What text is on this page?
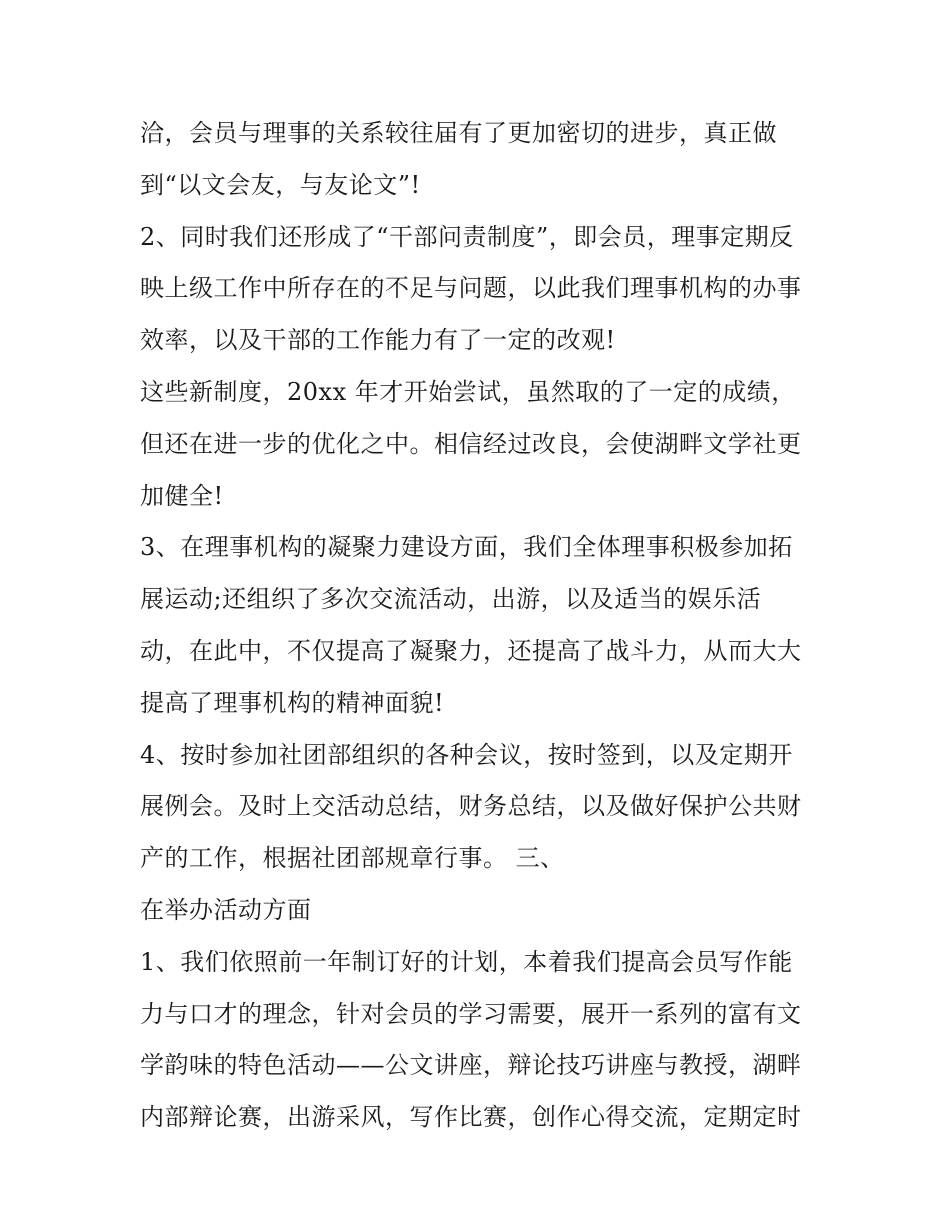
洽，会员与理事的关系较往届有了更加密切的进步，真正做
到“以文会友，与友论文”!
2、同时我们还形成了“干部问责制度”，即会员，理事定期反
映上级工作中所存在的不足与问题，以此我们理事机构的办事
效率，以及干部的工作能力有了一定的改观!
这些新制度，20xx 年才开始尝试，虽然取的了一定的成绩，
但还在进一步的优化之中。相信经过改良，会使湖畔文学社更
加健全!
3、在理事机构的凝聚力建设方面，我们全体理事积极参加拓
展运动;还组织了多次交流活动，出游，以及适当的娱乐活
动，在此中，不仅提高了凝聚力，还提高了战斗力，从而大大
提高了理事机构的精神面貌!
4、按时参加社团部组织的各种会议，按时签到，以及定期开
展例会。及时上交活动总结，财务总结，以及做好保护公共财
产的工作，根据社团部规章行事。 三、
在举办活动方面
1、我们依照前一年制订好的计划，本着我们提高会员写作能
力与口才的理念，针对会员的学习需要，展开一系列的富有文
学韵味的特色活动——公文讲座，辩论技巧讲座与教授，湖畔
内部辩论赛，出游采风，写作比赛，创作心得交流，定期定时
